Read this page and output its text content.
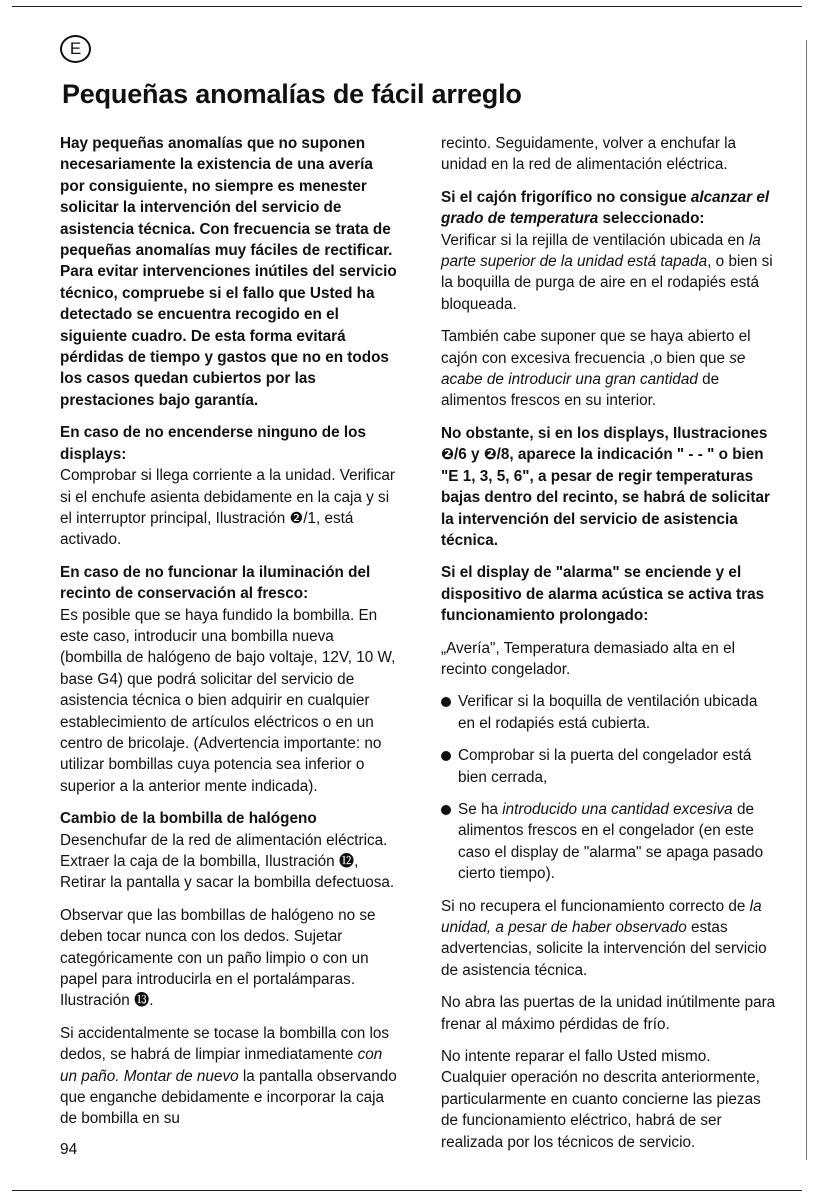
E
Pequeñas anomalías de fácil arreglo

Hay pequeñas anomalías que no suponen necesariamente la existencia de una avería por consiguiente, no siempre es menester solicitar la intervención del servicio de asistencia técnica. Con frecuencia se trata de pequeñas anomalías muy fáciles de rectificar. Para evitar intervenciones inútiles del servicio técnico, compruebe si el fallo que Usted ha detectado se encuentra recogido en el siguiente cuadro. De esta forma evitará pérdidas de tiempo y gastos que no en todos los casos quedan cubiertos por las prestaciones bajo garantía.

En caso de no encenderse ninguno de los displays:
Comprobar si llega corriente a la unidad. Verificar si el enchufe asienta debidamente en la caja y si el interruptor principal, Ilustración ❷/1, está activado.

En caso de no funcionar la iluminación del recinto de conservación al fresco:
Es posible que se haya fundido la bombilla. En este caso, introducir una bombilla nueva (bombilla de halógeno de bajo voltaje, 12V, 10 W, base G4) que podrá solicitar del servicio de asistencia técnica o bien adquirir en cualquier establecimiento de artículos eléctricos o en un centro de bricolaje. (Advertencia importante: no utilizar bombillas cuya potencia sea inferior o superior a la anterior mente indicada).

Cambio de la bombilla de halógeno
Desenchufar de la red de alimentación eléctrica. Extraer la caja de la bombilla, Ilustración ⓬, Retirar la pantalla y sacar la bombilla defectuosa.

Observar que las bombillas de halógeno no se deben tocar nunca con los dedos. Sujetar categóricamente con un paño limpio o con un papel para introducirla en el portalámparas. Ilustración ⓭.

Si accidentalmente se tocase la bombilla con los dedos, se habrá de limpiar inmediatamente con un paño. Montar de nuevo la pantalla observando que enganche debidamente e incorporar la caja de bombilla en su

recinto. Seguidamente, volver a enchufar la unidad en la red de alimentación eléctrica.

Si el cajón frigorífico no consigue alcanzar el grado de temperatura seleccionado:
Verificar si la rejilla de ventilación ubicada en la parte superior de la unidad está tapada, o bien si la boquilla de purga de aire en el rodapiés está bloqueada.

También cabe suponer que se haya abierto el cajón con excesiva frecuencia ,o bien que se acabe de introducir una gran cantidad de alimentos frescos en su interior.

No obstante, si en los displays, Ilustraciones ❷/6 y ❷/8, aparece la indicación " - - " o bien "E 1, 3, 5, 6", a pesar de regir temperaturas bajas dentro del recinto, se habrá de solicitar la intervención del servicio de asistencia técnica.

Si el display de "alarma" se enciende y el dispositivo de alarma acústica se activa tras funcionamiento prolongado:

„Avería", Temperatura demasiado alta en el recinto congelador.

Verificar si la boquilla de ventilación ubicada en el rodapiés está cubierta.
Comprobar si la puerta del congelador está bien cerrada,
Se ha introducido una cantidad excesiva de alimentos frescos en el congelador (en este caso el display de "alarma" se apaga pasado cierto tiempo).

Si no recupera el funcionamiento correcto de la unidad, a pesar de haber observado estas advertencias, solicite la intervención del servicio de asistencia técnica.

No abra las puertas de la unidad inútilmente para frenar al máximo pérdidas de frío.

No intente reparar el fallo Usted mismo. Cualquier operación no descrita anteriormente, particularmente en cuanto concierne las piezas de funcionamiento eléctrico, habrá de ser realizada por los técnicos de servicio.

94
